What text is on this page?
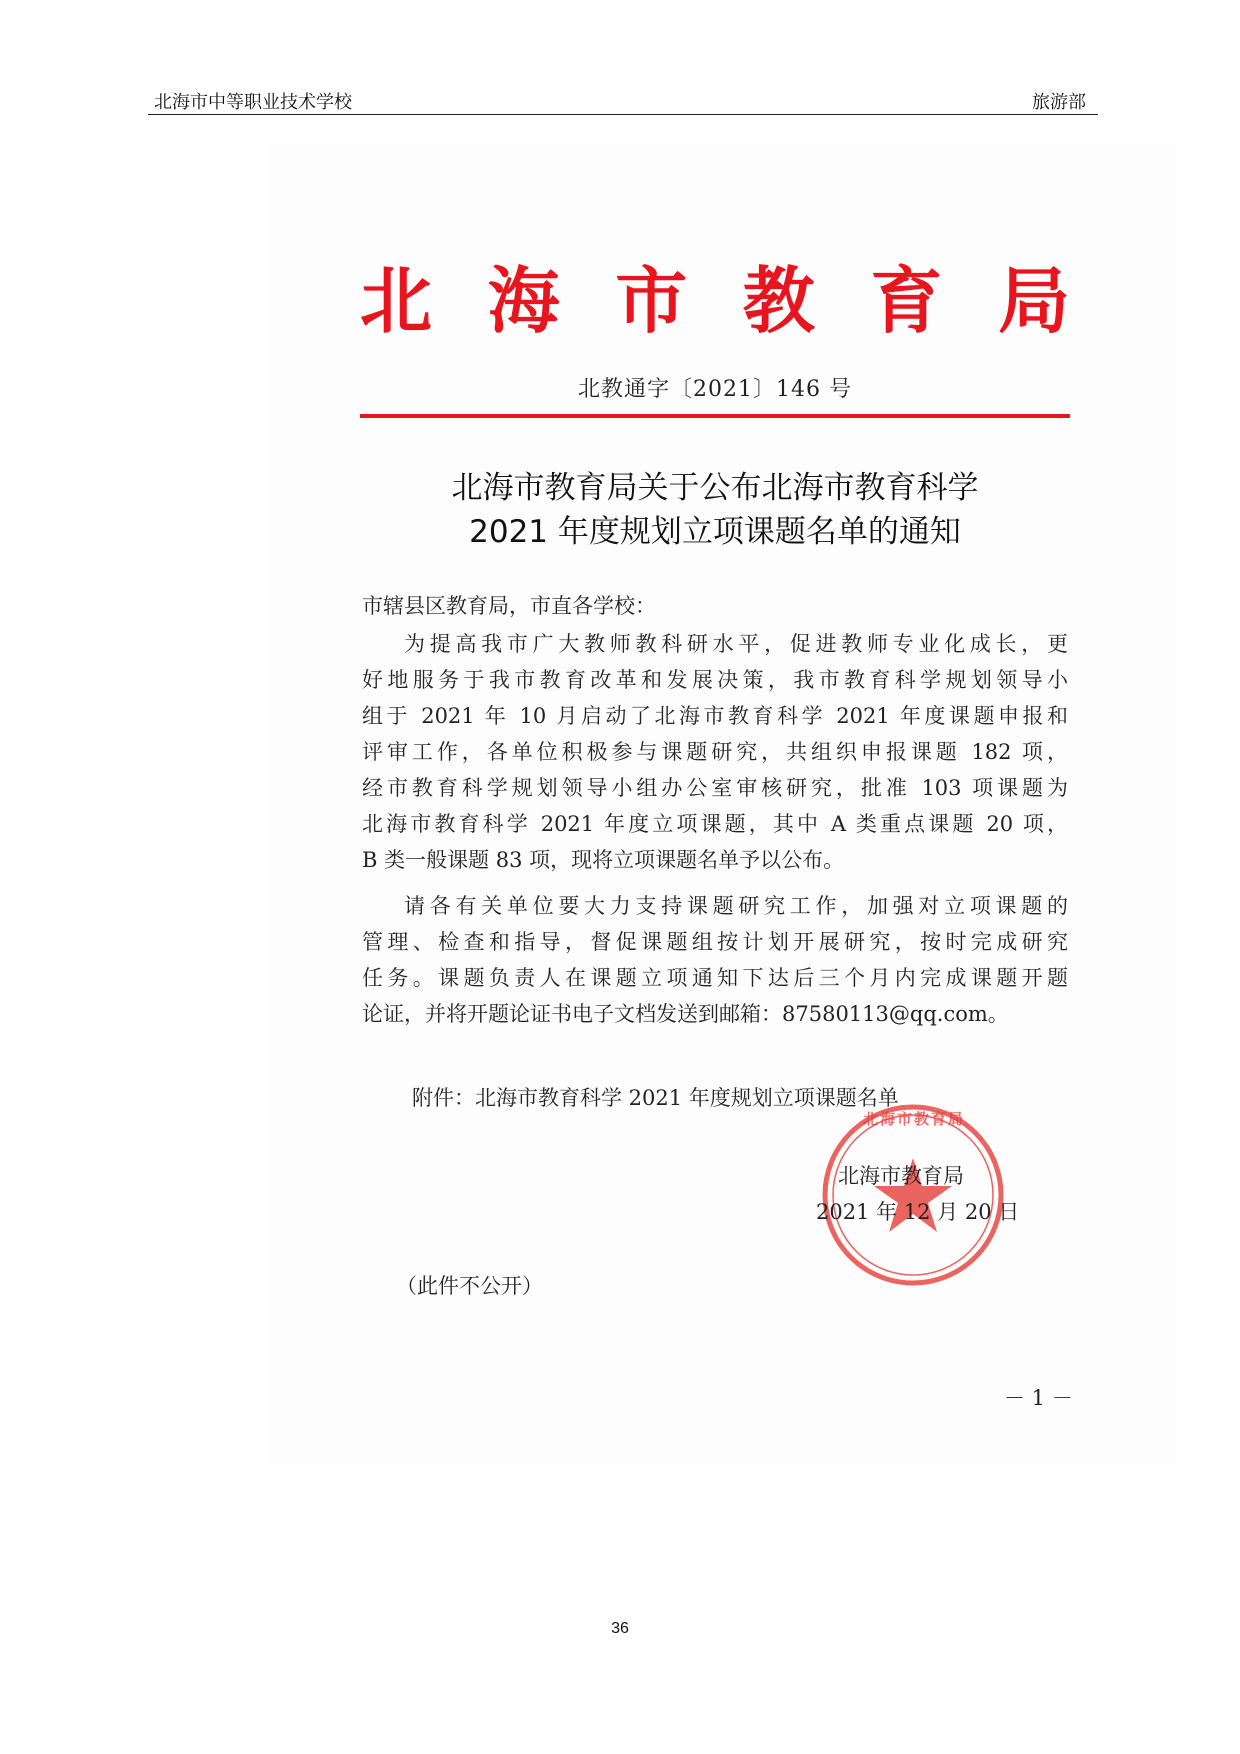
北海市中等职业技术学校	旅游部
北 海 市 教 育 局
北教通字〔2021〕146 号
北海市教育局关于公布北海市教育科学
2021 年度规划立项课题名单的通知
市辖县区教育局，市直各学校：
为提高我市广大教师教科研水平，促进教师专业化成长，更
好地服务于我市教育改革和发展决策，我市教育科学规划领导小
组于 2021 年 10 月启动了北海市教育科学 2021 年度课题申报和
评审工作，各单位积极参与课题研究，共组织申报课题 182 项，
经市教育科学规划领导小组办公室审核研究，批准 103 项课题为
北海市教育科学 2021 年度立项课题，其中 A 类重点课题 20 项，
B 类一般课题 83 项，现将立项课题名单予以公布。
请各有关单位要大力支持课题研究工作，加强对立项课题的
管理、检查和指导，督促课题组按计划开展研究，按时完成研究
任务。课题负责人在课题立项通知下达后三个月内完成课题开题
论证，并将开题论证书电子文档发送到邮箱：87580113@qq.com。
附件：北海市教育科学 2021 年度规划立项课题名单
北海市教育局
北海市教育局
2021 年 12 月 20 日
（此件不公开）
－ 1 －
36
